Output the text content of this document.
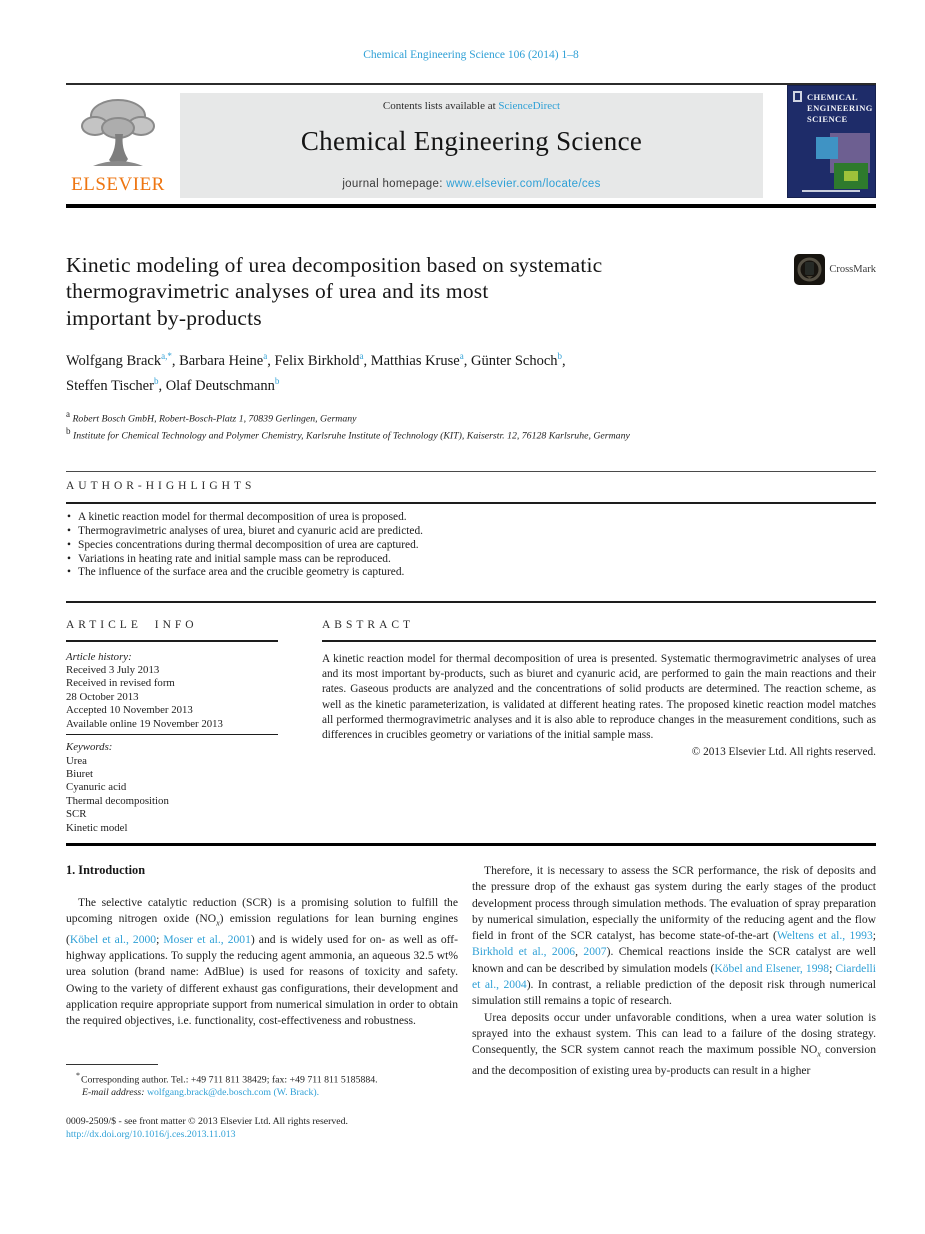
Chemical Engineering Science 106 (2014) 1–8
ELSEVIER
Contents lists available at ScienceDirect
Chemical Engineering Science
journal homepage: www.elsevier.com/locate/ces
CHEMICAL
ENGINEERING
SCIENCE
Kinetic modeling of urea decomposition based on systematic
thermogravimetric analyses of urea and its most
important by-products
CrossMark
Wolfgang Brack$^{a,*}$, Barbara Heine$^a$, Felix Birkhold$^a$, Matthias Kruse$^a$, Günter Schoch$^b$,
Steffen Tischer$^b$, Olaf Deutschmann$^b$
$^a$ Robert Bosch GmbH, Robert-Bosch-Platz 1, 70839 Gerlingen, Germany
$^b$ Institute for Chemical Technology and Polymer Chemistry, Karlsruhe Institute of Technology (KIT), Kaiserstr. 12, 76128 Karlsruhe, Germany
AUTHOR-HIGHLIGHTS
• A kinetic reaction model for thermal decomposition of urea is proposed.
• Thermogravimetric analyses of urea, biuret and cyanuric acid are predicted.
• Species concentrations during thermal decomposition of urea are captured.
• Variations in heating rate and initial sample mass can be reproduced.
• The influence of the surface area and the crucible geometry is captured.
ARTICLE INFO
Article history:
Received 3 July 2013
Received in revised form
28 October 2013
Accepted 10 November 2013
Available online 19 November 2013
Keywords:
Urea
Biuret
Cyanuric acid
Thermal decomposition
SCR
Kinetic model
ABSTRACT
A kinetic reaction model for thermal decomposition of urea is presented. Systematic thermogravimetric analyses of urea and its most important by-products, such as biuret and cyanuric acid, are performed to gain the main reactions and their rates. Gaseous products are analyzed and the concentrations of solid products are determined. The reaction scheme, as well as the kinetic parameterization, is validated at different heating rates. The proposed kinetic reaction model matches all performed thermogravimetric analyses and it is also able to reproduce changes in the measurement conditions, such as differences in crucibles geometry or variations of the initial sample mass.
© 2013 Elsevier Ltd. All rights reserved.
1. Introduction

The selective catalytic reduction (SCR) is a promising solution to fulfill the upcoming nitrogen oxide $(NO_x)$ emission regulations for lean burning engines (Köbel et al., 2000; Moser et al., 2001) and is widely used for on- as well as off-highway applications. To supply the reducing agent ammonia, an aqueous 32.5 wt% urea solution (brand name: AdBlue) is used for reasons of toxicity and safety. Owing to the variety of different exhaust gas configurations, their development and application require appropriate support from numerical simulation in order to obtain the required objectives, i.e. functionality, cost-effectiveness and robustness.

*Corresponding author. Tel.: +49 711 811 38429; fax: +49 711 811 5185884.
E-mail address: wolfgang.brack@de.bosch.com (W. Brack).
0009-2509/$ - see front matter © 2013 Elsevier Ltd. All rights reserved.
http://dx.doi.org/10.1016/j.ces.2013.11.013

Therefore, it is necessary to assess the SCR performance, the risk of deposits and the pressure drop of the exhaust gas system during the early stages of the product development process through simulation methods. The evaluation of spray preparation by numerical simulation, especially the uniformity of the reducing agent and the flow field in front of the SCR catalyst, has become state-of-the-art (Weltens et al., 1993; Birkhold et al., 2006, 2007). Chemical reactions inside the SCR catalyst are well known and can be described by simulation models (Köbel and Elsener, 1998; Ciardelli et al., 2004). In contrast, a reliable prediction of the deposit risk through numerical simulation still remains a topic of research.

Urea deposits occur under unfavorable conditions, when a urea water solution is sprayed into the exhaust system. This can lead to a failure of the dosing strategy. Consequently, the SCR system cannot reach the maximum possible $NO_x$ conversion and the decomposition of existing urea by-products can result in a higher
